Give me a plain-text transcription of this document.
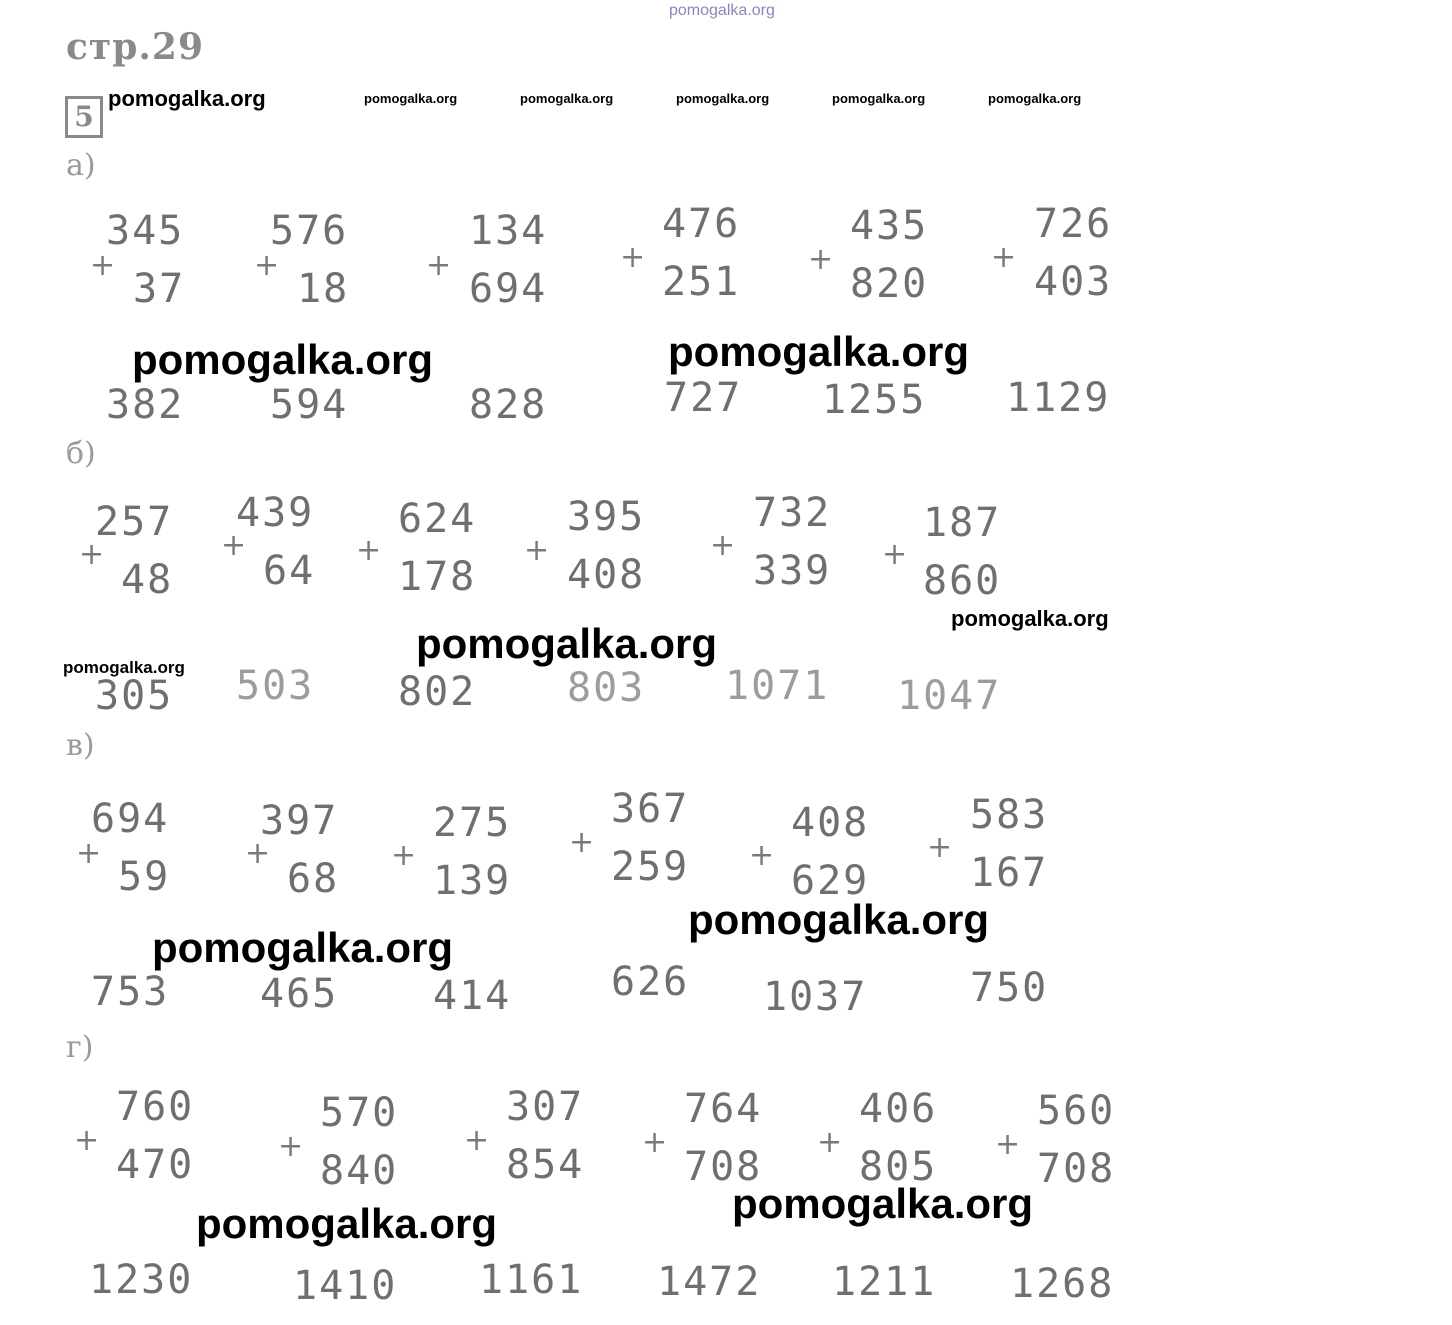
pomogalka.org
стр.29
5
pomogalka.org	pomogalka.org	pomogalka.org	pomogalka.org	pomogalka.org	pomogalka.org
а)
345
+
37
382
576
+
18
594
134
+
694
828
476
+
251
727
435
+
820
1255
726
+
403
1129
pomogalka.org	pomogalka.org
б)
257
+
48
305
439
+
64
503
624
+
178
802
395
+
408
803
732
+
339
1071
187
+
860
1047
pomogalka.org
pomogalka.org
pomogalka.org
в)
694
+
59
753
397
+
68
465
275
+
139
414
367
+
259
626
408
+
629
1037
583
+
167
750
pomogalka.org
pomogalka.org
г)
760
+
470
1230
570
+
840
1410
307
+
854
1161
764
+
708
1472
406
+
805
1211
560
+
708
1268
pomogalka.org	pomogalka.org
